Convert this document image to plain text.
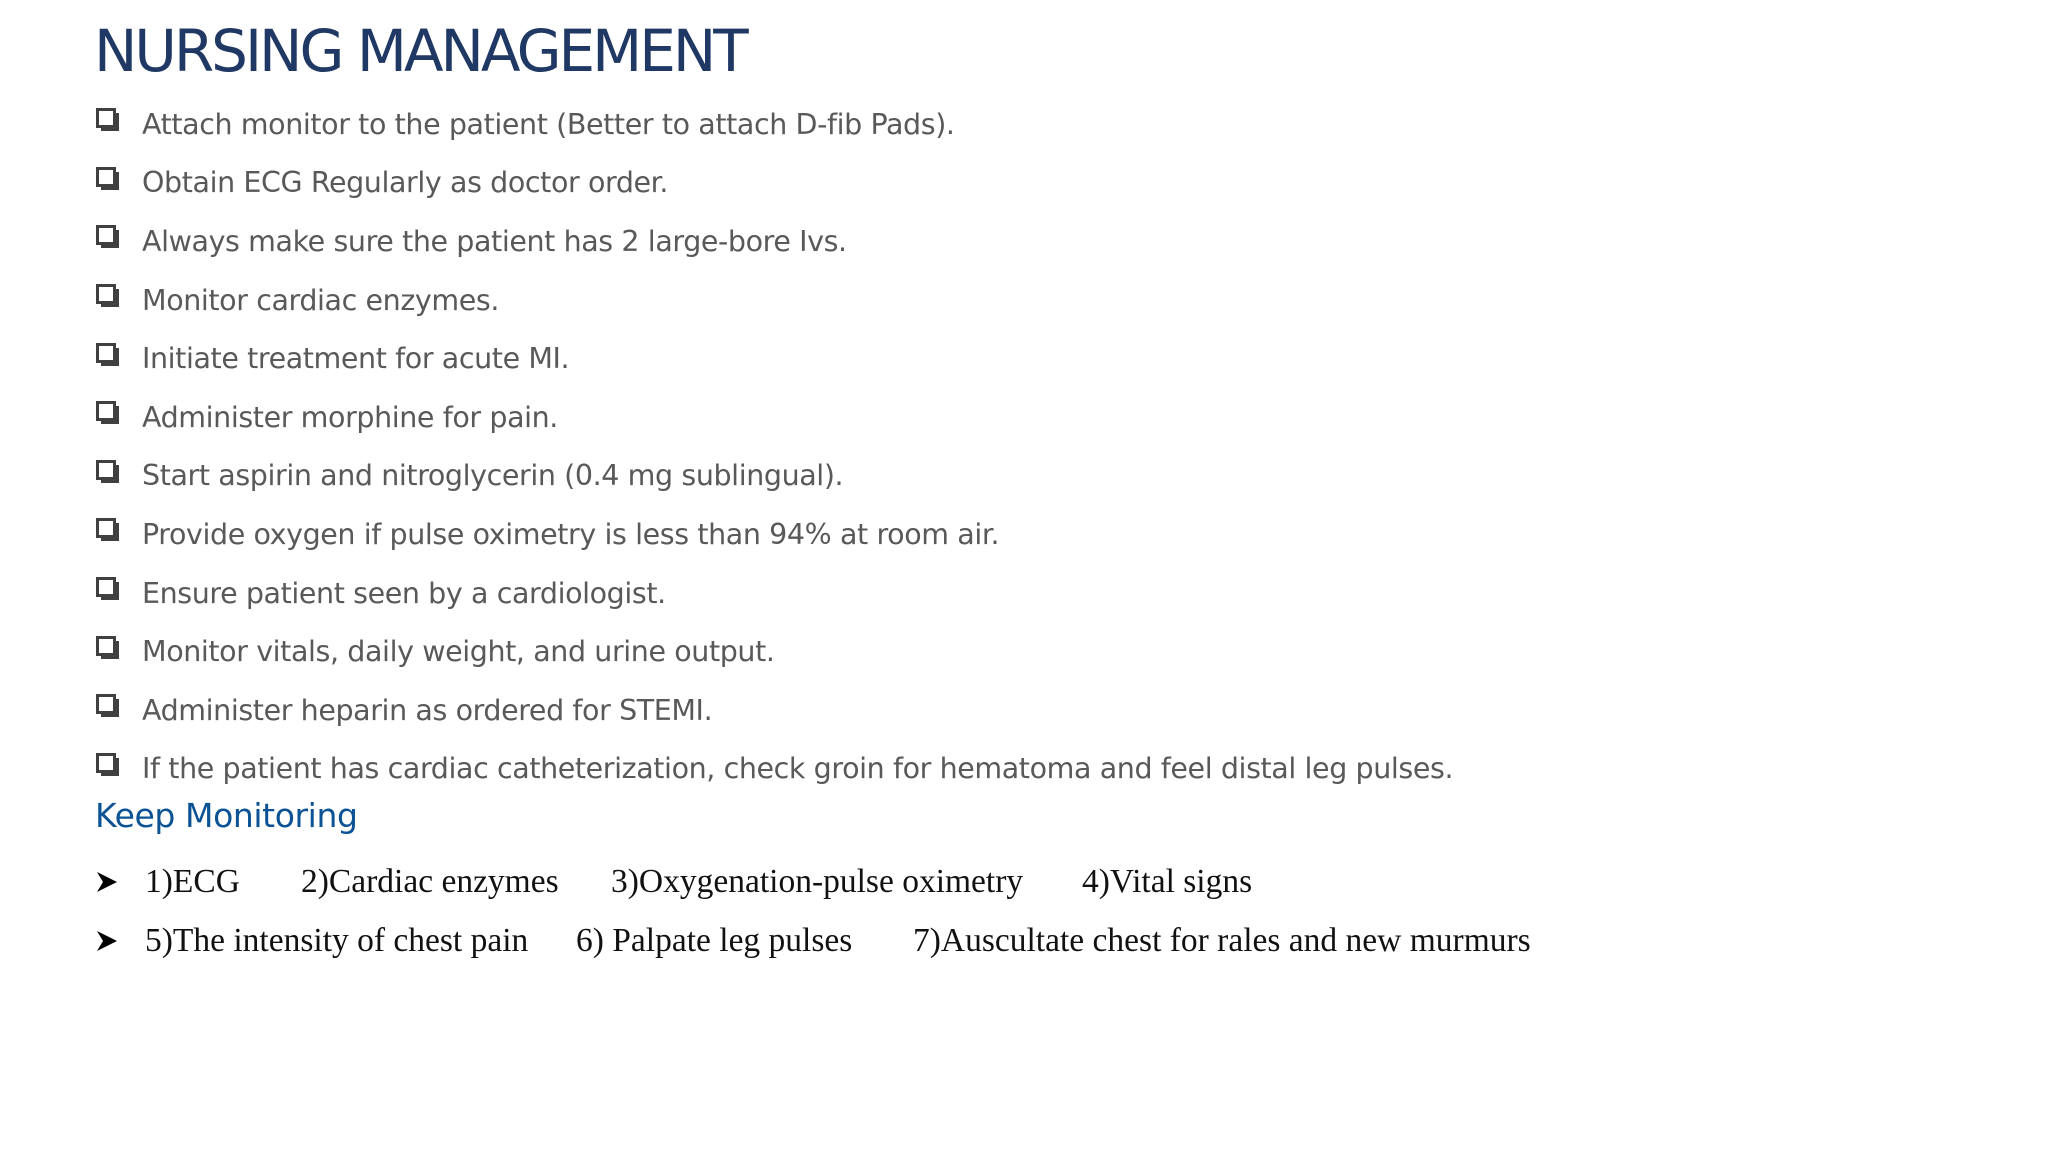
NURSING MANAGEMENT
Attach monitor to the patient (Better to attach D-fib Pads).
Obtain ECG Regularly as doctor order.
Always make sure the patient has 2 large-bore Ivs.
Monitor cardiac enzymes.
Initiate treatment for acute MI.
Administer morphine for pain.
Start aspirin and nitroglycerin (0.4 mg sublingual).
Provide oxygen if pulse oximetry is less than 94% at room air.
Ensure patient seen by a cardiologist.
Monitor vitals, daily weight, and urine output.
Administer heparin as ordered for STEMI.
If the patient has cardiac catheterization, check groin for hematoma and feel distal leg pulses.
Keep Monitoring
1)ECG 2)Cardiac enzymes 3)Oxygenation-pulse oximetry 4)Vital signs
5)The intensity of chest pain 6) Palpate leg pulses 7)Auscultate chest for rales and new murmurs
